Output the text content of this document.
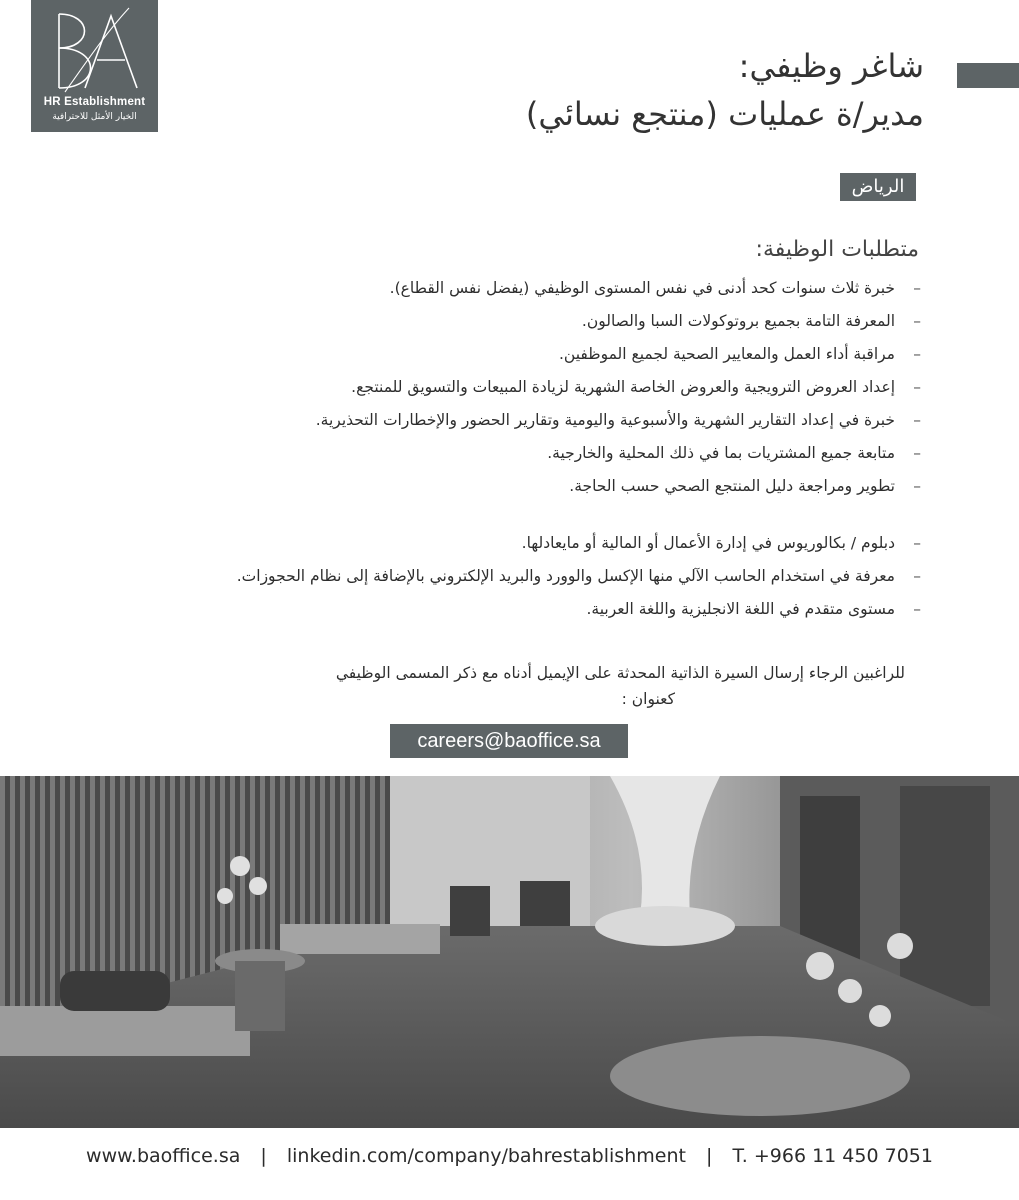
HR Establishment
الخيار الأمثل للاحترافية
شاغر وظيفي:
مدير/ة عمليات (منتجع نسائي)
الرياض
متطلبات الوظيفة:
– خبرة ثلاث سنوات كحد أدنى في نفس المستوى الوظيفي (يفضل نفس القطاع).
– المعرفة التامة بجميع بروتوكولات السبا والصالون.
– مراقبة أداء العمل والمعايير الصحية لجميع الموظفين.
– إعداد العروض الترويجية والعروض الخاصة الشهرية لزيادة المبيعات والتسويق للمنتجع.
– خبرة في إعداد التقارير الشهرية والأسبوعية واليومية وتقارير الحضور والإخطارات التحذيرية.
– متابعة جميع المشتريات بما في ذلك المحلية والخارجية.
– تطوير ومراجعة دليل المنتجع الصحي حسب الحاجة.
– دبلوم / بكالوريوس في إدارة الأعمال أو المالية أو مايعادلها.
– معرفة في استخدام الحاسب الآلي منها الإكسل والوورد والبريد الإلكتروني بالإضافة إلى نظام الحجوزات.
– مستوى متقدم في اللغة الانجليزية واللغة العربية.
للراغبين الرجاء إرسال السيرة الذاتية المحدثة على الإيميل أدناه مع ذكر المسمى الوظيفي
كعنوان :
careers@baoffice.sa
www.baoffice.sa | linkedin.com/company/bahrestablishment | T. +966 11 450 7051
